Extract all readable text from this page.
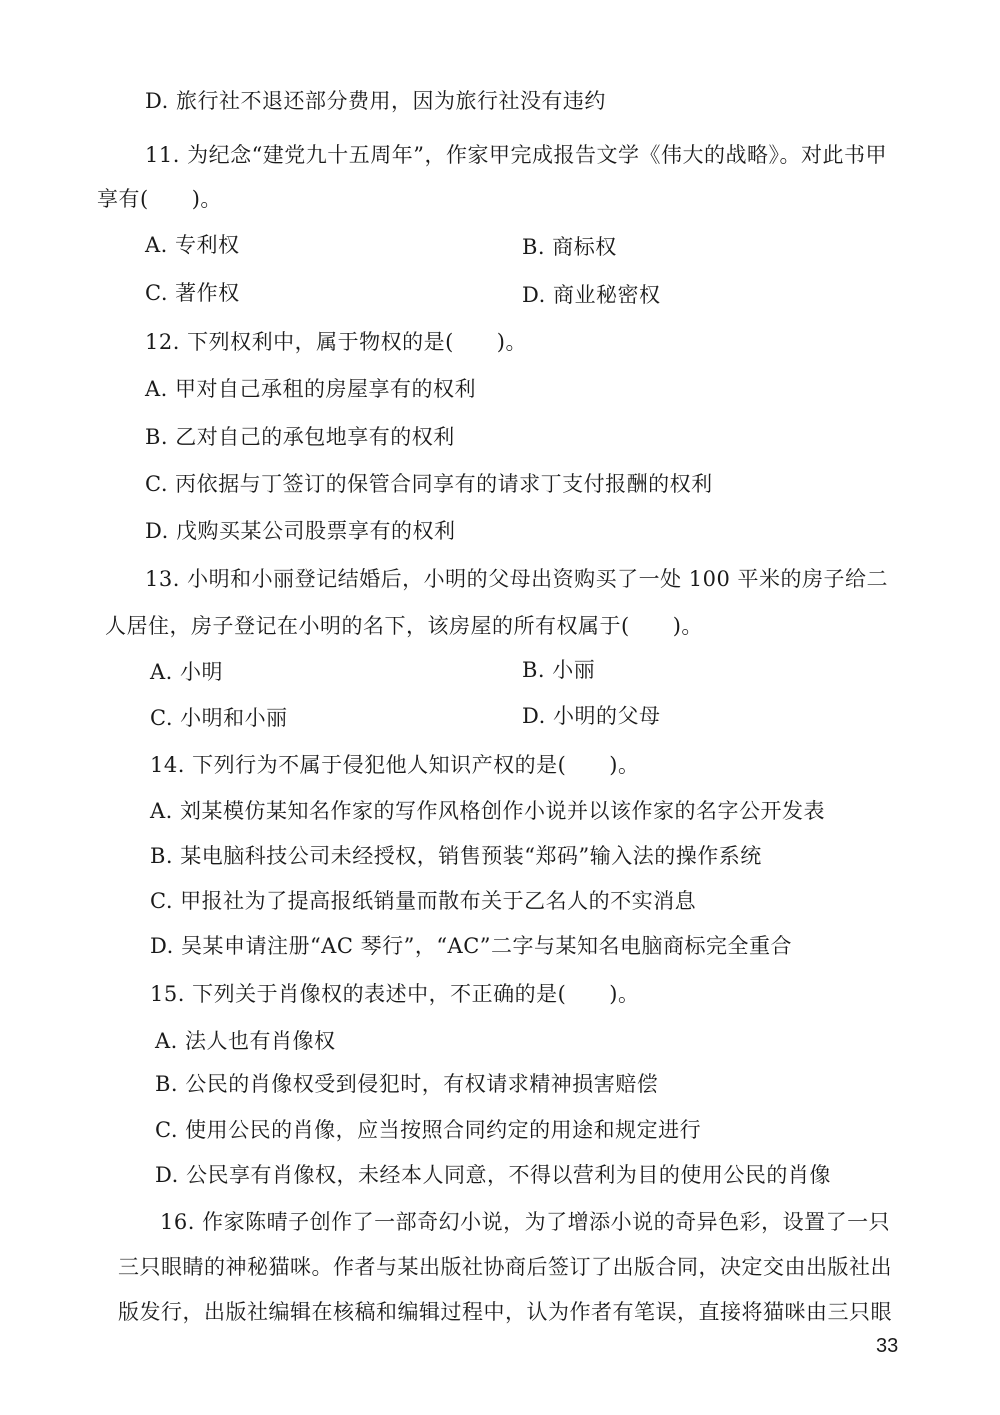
D. 旅行社不退还部分费用，因为旅行社没有违约
11. 为纪念“建党九十五周年”，作家甲完成报告文学《伟大的战略》。对此书甲
享有(　　)。
A. 专利权	B. 商标权
C. 著作权	D. 商业秘密权
12. 下列权利中，属于物权的是(　　)。
A. 甲对自己承租的房屋享有的权利
B. 乙对自己的承包地享有的权利
C. 丙依据与丁签订的保管合同享有的请求丁支付报酬的权利
D. 戊购买某公司股票享有的权利
13. 小明和小丽登记结婚后，小明的父母出资购买了一处 100 平米的房子给二
人居住，房子登记在小明的名下，该房屋的所有权属于(　　)。
A. 小明	B. 小丽
C. 小明和小丽	D. 小明的父母
14. 下列行为不属于侵犯他人知识产权的是(　　)。
A. 刘某模仿某知名作家的写作风格创作小说并以该作家的名字公开发表
B. 某电脑科技公司未经授权，销售预装“郑码”输入法的操作系统
C. 甲报社为了提高报纸销量而散布关于乙名人的不实消息
D. 吴某申请注册“AC 琴行”，“AC”二字与某知名电脑商标完全重合
15. 下列关于肖像权的表述中，不正确的是(　　)。
A. 法人也有肖像权
B. 公民的肖像权受到侵犯时，有权请求精神损害赔偿
C. 使用公民的肖像，应当按照合同约定的用途和规定进行
D. 公民享有肖像权，未经本人同意，不得以营利为目的使用公民的肖像
16. 作家陈晴子创作了一部奇幻小说，为了增添小说的奇异色彩，设置了一只
三只眼睛的神秘猫咪。作者与某出版社协商后签订了出版合同，决定交由出版社出
版发行，出版社编辑在核稿和编辑过程中，认为作者有笔误，直接将猫咪由三只眼
33
